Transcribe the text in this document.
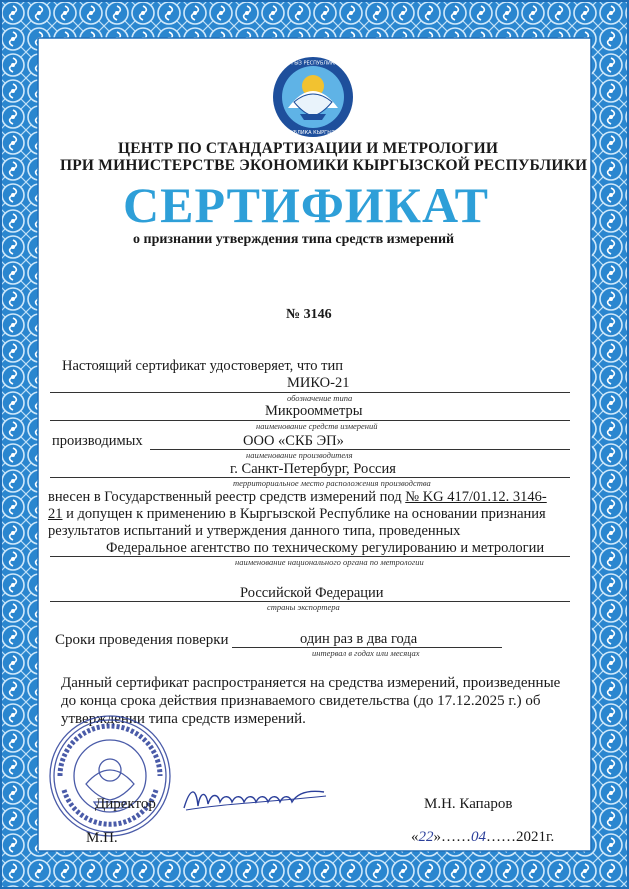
КЫРГЫЗ РЕСПУБЛИКАСЫ
РЕСПУБЛИКА КЫРГЫЗСКАЯ
ЦЕНТР ПО СТАНДАРТИЗАЦИИ И МЕТРОЛОГИИ
ПРИ МИНИСТЕРСТВЕ ЭКОНОМИКИ КЫРГЫЗСКОЙ РЕСПУБЛИКИ
СЕРТИФИКАТ
о признании утверждения типа средств измерений
№ 3146
Настоящий сертификат удостоверяет, что тип
МИКО-21
обозначение типа
Микроомметры
наименование средств измерений
производимых	ООО «СКБ ЭП»
наименование производителя
г. Санкт-Петербург, Россия
территориальное место расположения производства
внесен в Государственный реестр средств измерений под № KG 417/01.12. 3146-
21 и допущен к применению в Кыргызской Республике на основании признания
результатов испытаний и утверждения данного типа, проведенных
Федеральное агентство по техническому регулированию и метрологии
наименование национального органа по метрологии
Российской Федерации
страны экспортера
Сроки проведения поверки	один раз в два года
интервал в годах или месяцах
Данный сертификат распространяется на средства измерений, произведенные
до конца срока действия признаваемого свидетельства (до 17.12.2025 г.) об
утверждении типа средств измерений.
Директор	М.Н. Капаров
М.П.	«22»……04……2021г.
